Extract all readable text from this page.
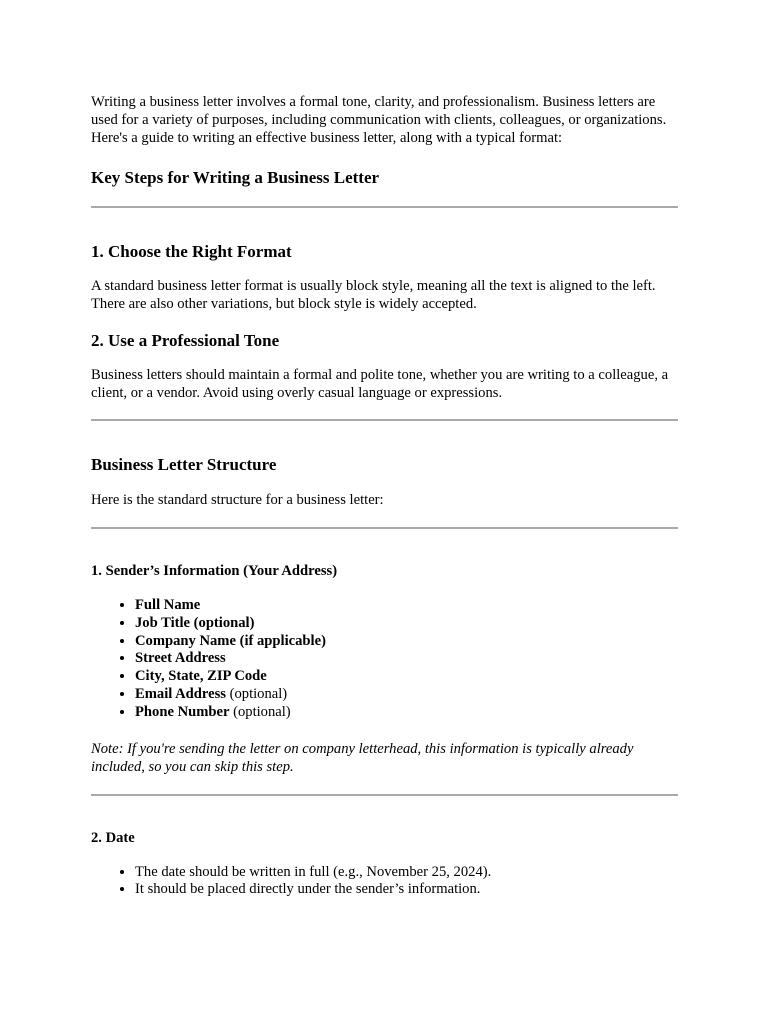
Writing a business letter involves a formal tone, clarity, and professionalism. Business letters are used for a variety of purposes, including communication with clients, colleagues, or organizations. Here's a guide to writing an effective business letter, along with a typical format:

Key Steps for Writing a Business Letter
1. Choose the Right Format

A standard business letter format is usually block style, meaning all the text is aligned to the left. There are also other variations, but block style is widely accepted.

2. Use a Professional Tone

Business letters should maintain a formal and polite tone, whether you are writing to a colleague, a client, or a vendor. Avoid using overly casual language or expressions.

Business Letter Structure

Here is the standard structure for a business letter:

1. Sender’s Information (Your Address)
• Full Name
• Job Title (optional)
• Company Name (if applicable)
• Street Address
• City, State, ZIP Code
• Email Address (optional)
• Phone Number (optional)

Note: If you're sending the letter on company letterhead, this information is typically already included, so you can skip this step.

2. Date
• The date should be written in full (e.g., November 25, 2024).
• It should be placed directly under the sender’s information.
